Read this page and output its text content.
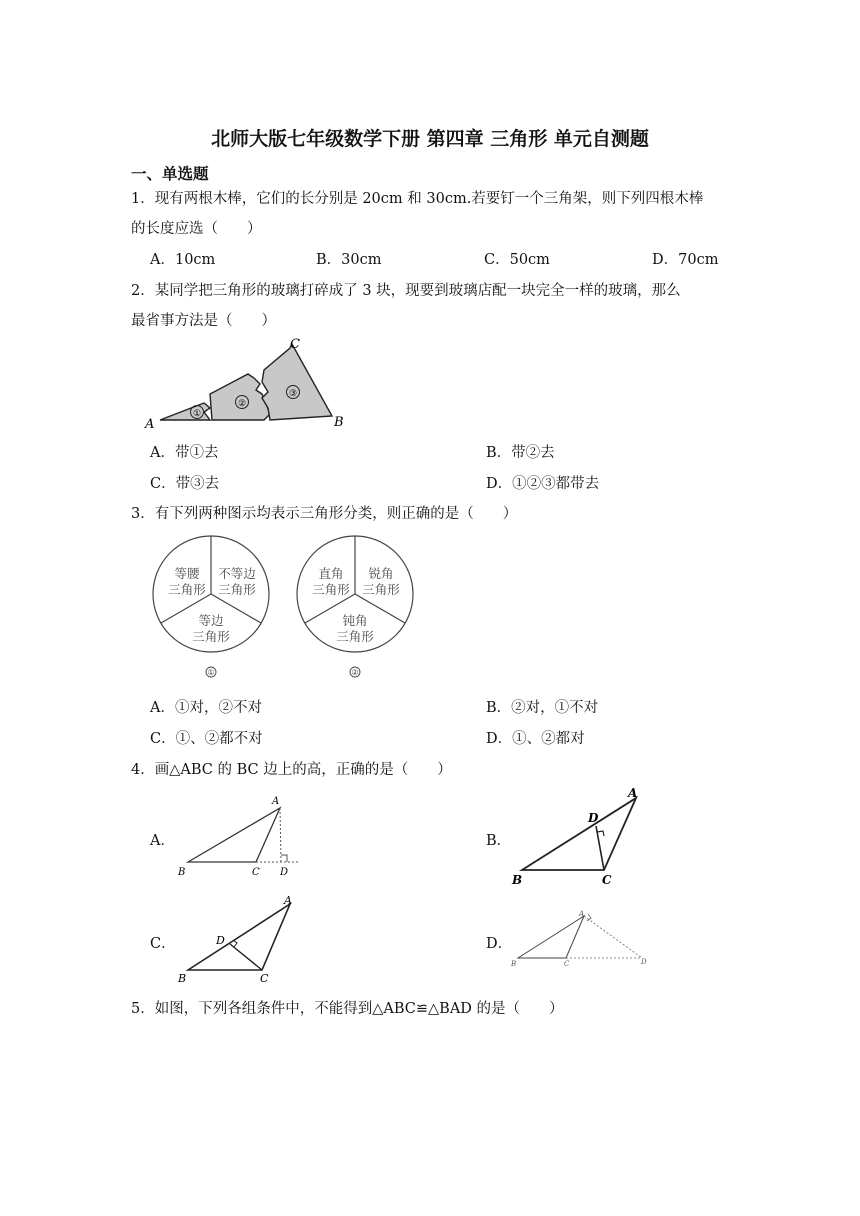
北师大版七年级数学下册 第四章 三角形 单元自测题
一、单选题
1．现有两根木棒，它们的长分别是 20cm 和 30cm.若要钉一个三角架，则下列四根木棒
的长度应选（　　）
A．10cm	B．30cm	C．50cm	D．70cm
2．某同学把三角形的玻璃打碎成了 3 块，现要到玻璃店配一块完全一样的玻璃，那么
最省事方法是（　　）
A	B
C
①
②
③
A．带①去	B．带②去
C．带③去	D．①②③都带去
3．有下列两种图示均表示三角形分类，则正确的是（　　）
等腰
三角形
不等边
三角形
等边
三角形
①
直角
三角形
锐角
三角形
钝角
三角形
②
A．①对，②不对	B．②对，①不对
C．①、②都不对	D．①、②都对
4．画△ABC 的 BC 边上的高，正确的是（　　）
A．
A
B	C D
B．
A
B	C
D
C．
A
B	C
D	D．
A
B	C	D
5．如图，下列各组条件中，不能得到△ABC≌△BAD 的是（　　）
